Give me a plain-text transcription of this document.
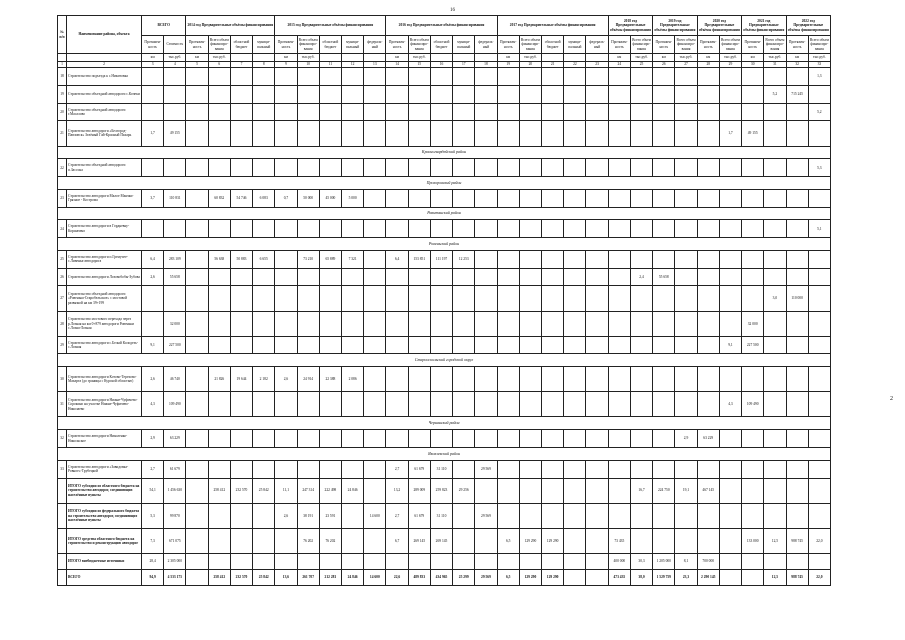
16
2
№ п/п	Наименование района, объекта	ВСЕГО		2014 год Предварительные объёмы финансирования				2015 год Предварительные объёмы финансирования					2016 год Предварительные объёмы финансирования					2017 год Предварительные объёмы финансирования					2018 год Предварительные объёмы финансирования		2019 год Предварительные объёмы финансирования		2020 год Предварительные объёмы финансирования		2021 год Предварительные объёмы финансирования		2022 год Предварительные объёмы финансирования	
		Протяжен-ность	Стоимость	Протяжен-ность	Всего объем финансиро-вания	областной бюджет	муници-пальный	Протяжен-ность	Всего объем финансиро-вания	областной бюджет	муници-пальный	федераль-ный	Протяжен-ность	Всего объем финансиро-вания	областной бюджет	муници-пальный	федераль-ный	Протяжен-ность	Всего объем финансиро-вания	областной бюджет	муници-пальный	федераль-ный	Протяжен-ность	Всего объем финансиро-вания	Протяжен-ность	Всего объем финансиро-вания	Протяжен-ность	Всего объем финансиро-вания	Протяжен-ность	Всего объем финансиро-вания	Протяжен-ность	Всего объем финансиро-вания
		км	тыс.руб.	км	тыс.руб.			км	тыс.руб.				км	тыс.руб.				км	тыс.руб.				км	тыс.руб.	км	тыс.руб.	км	тыс.руб.	км	тыс.руб.	км	тыс.руб.
1	2	3	4	5	6	7	8	9	10	11	12	13	14	15	16	17	18	19	20	21	22	23	24	25	26	27	28	29	30	31	32	33
18	Строительство подъезда к с.Никитовка																															1,3
19	Строительство объездной автодороги с.Кочеки																													5,2	715 245	
20	Строительство объездной автодороги г.Масалово																															5,2
21	Строительство автодороги «Белгород-Павловск» Зелёный Гай-Красный Пахарь	1,7	49 155																									1,7	49 155			
Красногвардейский район																																
22	Строительство объездной автодороги п.Засосна																															5,3
Прохоровский район																																
23	Строительство автодороги Малое Маячки-Грязное - Кострома	3,7	110 831		60 832	54 746	6 083	0,7	50 000	45 000	5 000																					
Ракитянский район																																
24	Строительство автодороги в Гордневку-Коршачено																															5,1
Ровеньский район																																
25	Строительство автодороги п.Гремучее-с.Ливенка-автодорога	6,4	283 109		56 638	50 883	6 655		73 210	65 889	7 321		6,4	153 851	111 197	12 253																
26	Строительство автодороги Лозовобобы-Зубова	2,6	55 658																					2,4	55 658							
27	Строительство объездной автодороги «Ровенька-Старобельское» с мостовой развязкой на км 39+199																													3,0	110 000	
28	Строительство мостового перехода через р.Лозная на км 0+879 автодороги Ровеньки с.Лозна-Лозная		32 000																										32 000			
29	Строительство автодороги с.Белый Колодезь-с.Лозная	9,1	227 500																									9,1	227 500			
Старооскольский городской округ																																
30	Строительство автодороги Котово-Терехово-Махарта (до границы с Курской областью)	2,6	46 740		21 826	19 644	2 182	2,6	24 914	22 388	2 086																					
31	Строительство автодороги Нижне-Чуфичево-Сорокино на участке Нижне-Чуфичево-Николаево	4,3	109 490																									4,3	109 490			
Чернянский район																																
32	Строительство автодороги Николенко-Никольское	2,9	63 229																							2,9	63 229					
Яковлевский район																																
33	Строительство автодороги «Завидовка-Ровное»-Трубецкой	2,7	61 679										2,7	61 679	31 110		29 569															
	ИТОГО субсидии из областного бюджета на строительство автодорог, соединяющих населённые пункты	54,1	1 456 630		258 412	232 570	25 842	11,1	247 314	222 498	24 846		13,2	289 009	259 823	29 256								16,7	224 750	19,1	467 145					
	ИТОГО субсидии из федерального бюджета на строительство автодорог, соединяющих населённые пункты	5,3	99 870					2,6	38 191	23 591		14 600	2,7	61 679	31 110		29 569															
	ИТОГО средства областного бюджета на строительство и реконструкцию автодорог	7,3	671 075						76 202	76 202			6,7	269 145	269 145			6,5	129 290	129 290			73 435						133 000	12,5	988 745	22,0
	ИТОГО внебюджетные источники	28,4	2 305 000																				400 000	30,3	1 205 000	8,1	700 000					
	ВСЕГО	94,9	4 533 175		258 412	232 570	25 842	13,6	261 707	212 281	24 846	14 600	22,6	489 833	434 965	25 299	29 569	6,5	129 290	129 290			473 435	38,0	1 529 759	23,3	2 290 145			12,5	988 745	22,0
